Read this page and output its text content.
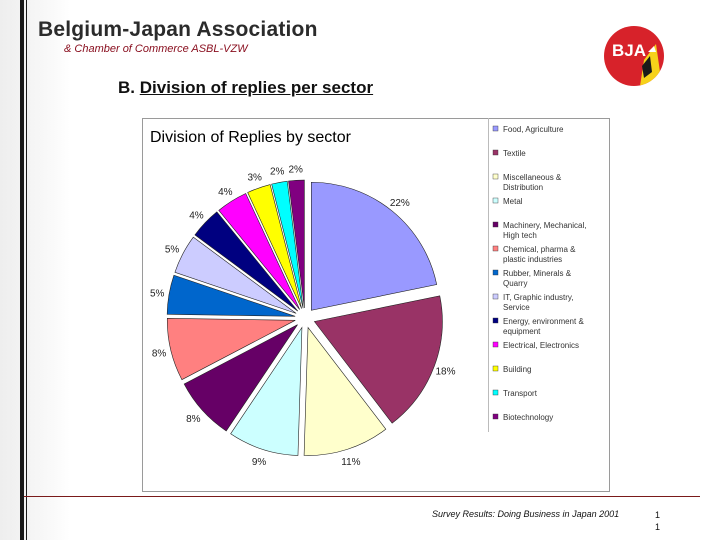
Belgium-Japan Association
& Chamber of Commerce ASBL-VZW	BJA
B. Division of replies per sector
Division of Replies by sector
22%
18%
11%
9%
8%
8%
5%
5%
4%
4%
3%
2% 2%
Food, Agriculture
Textile
Miscellaneous &
Distribution
Metal
Machinery, Mechanical,
High tech
Chemical, pharma &
plastic industries
Rubber, Minerals &
Quarry
IT, Graphic industry,
Service
Energy, environment &
equipment
Electrical, Electronics
Building
Transport
Biotechnology
Survey Results: Doing Business in Japan 2001	1
1
